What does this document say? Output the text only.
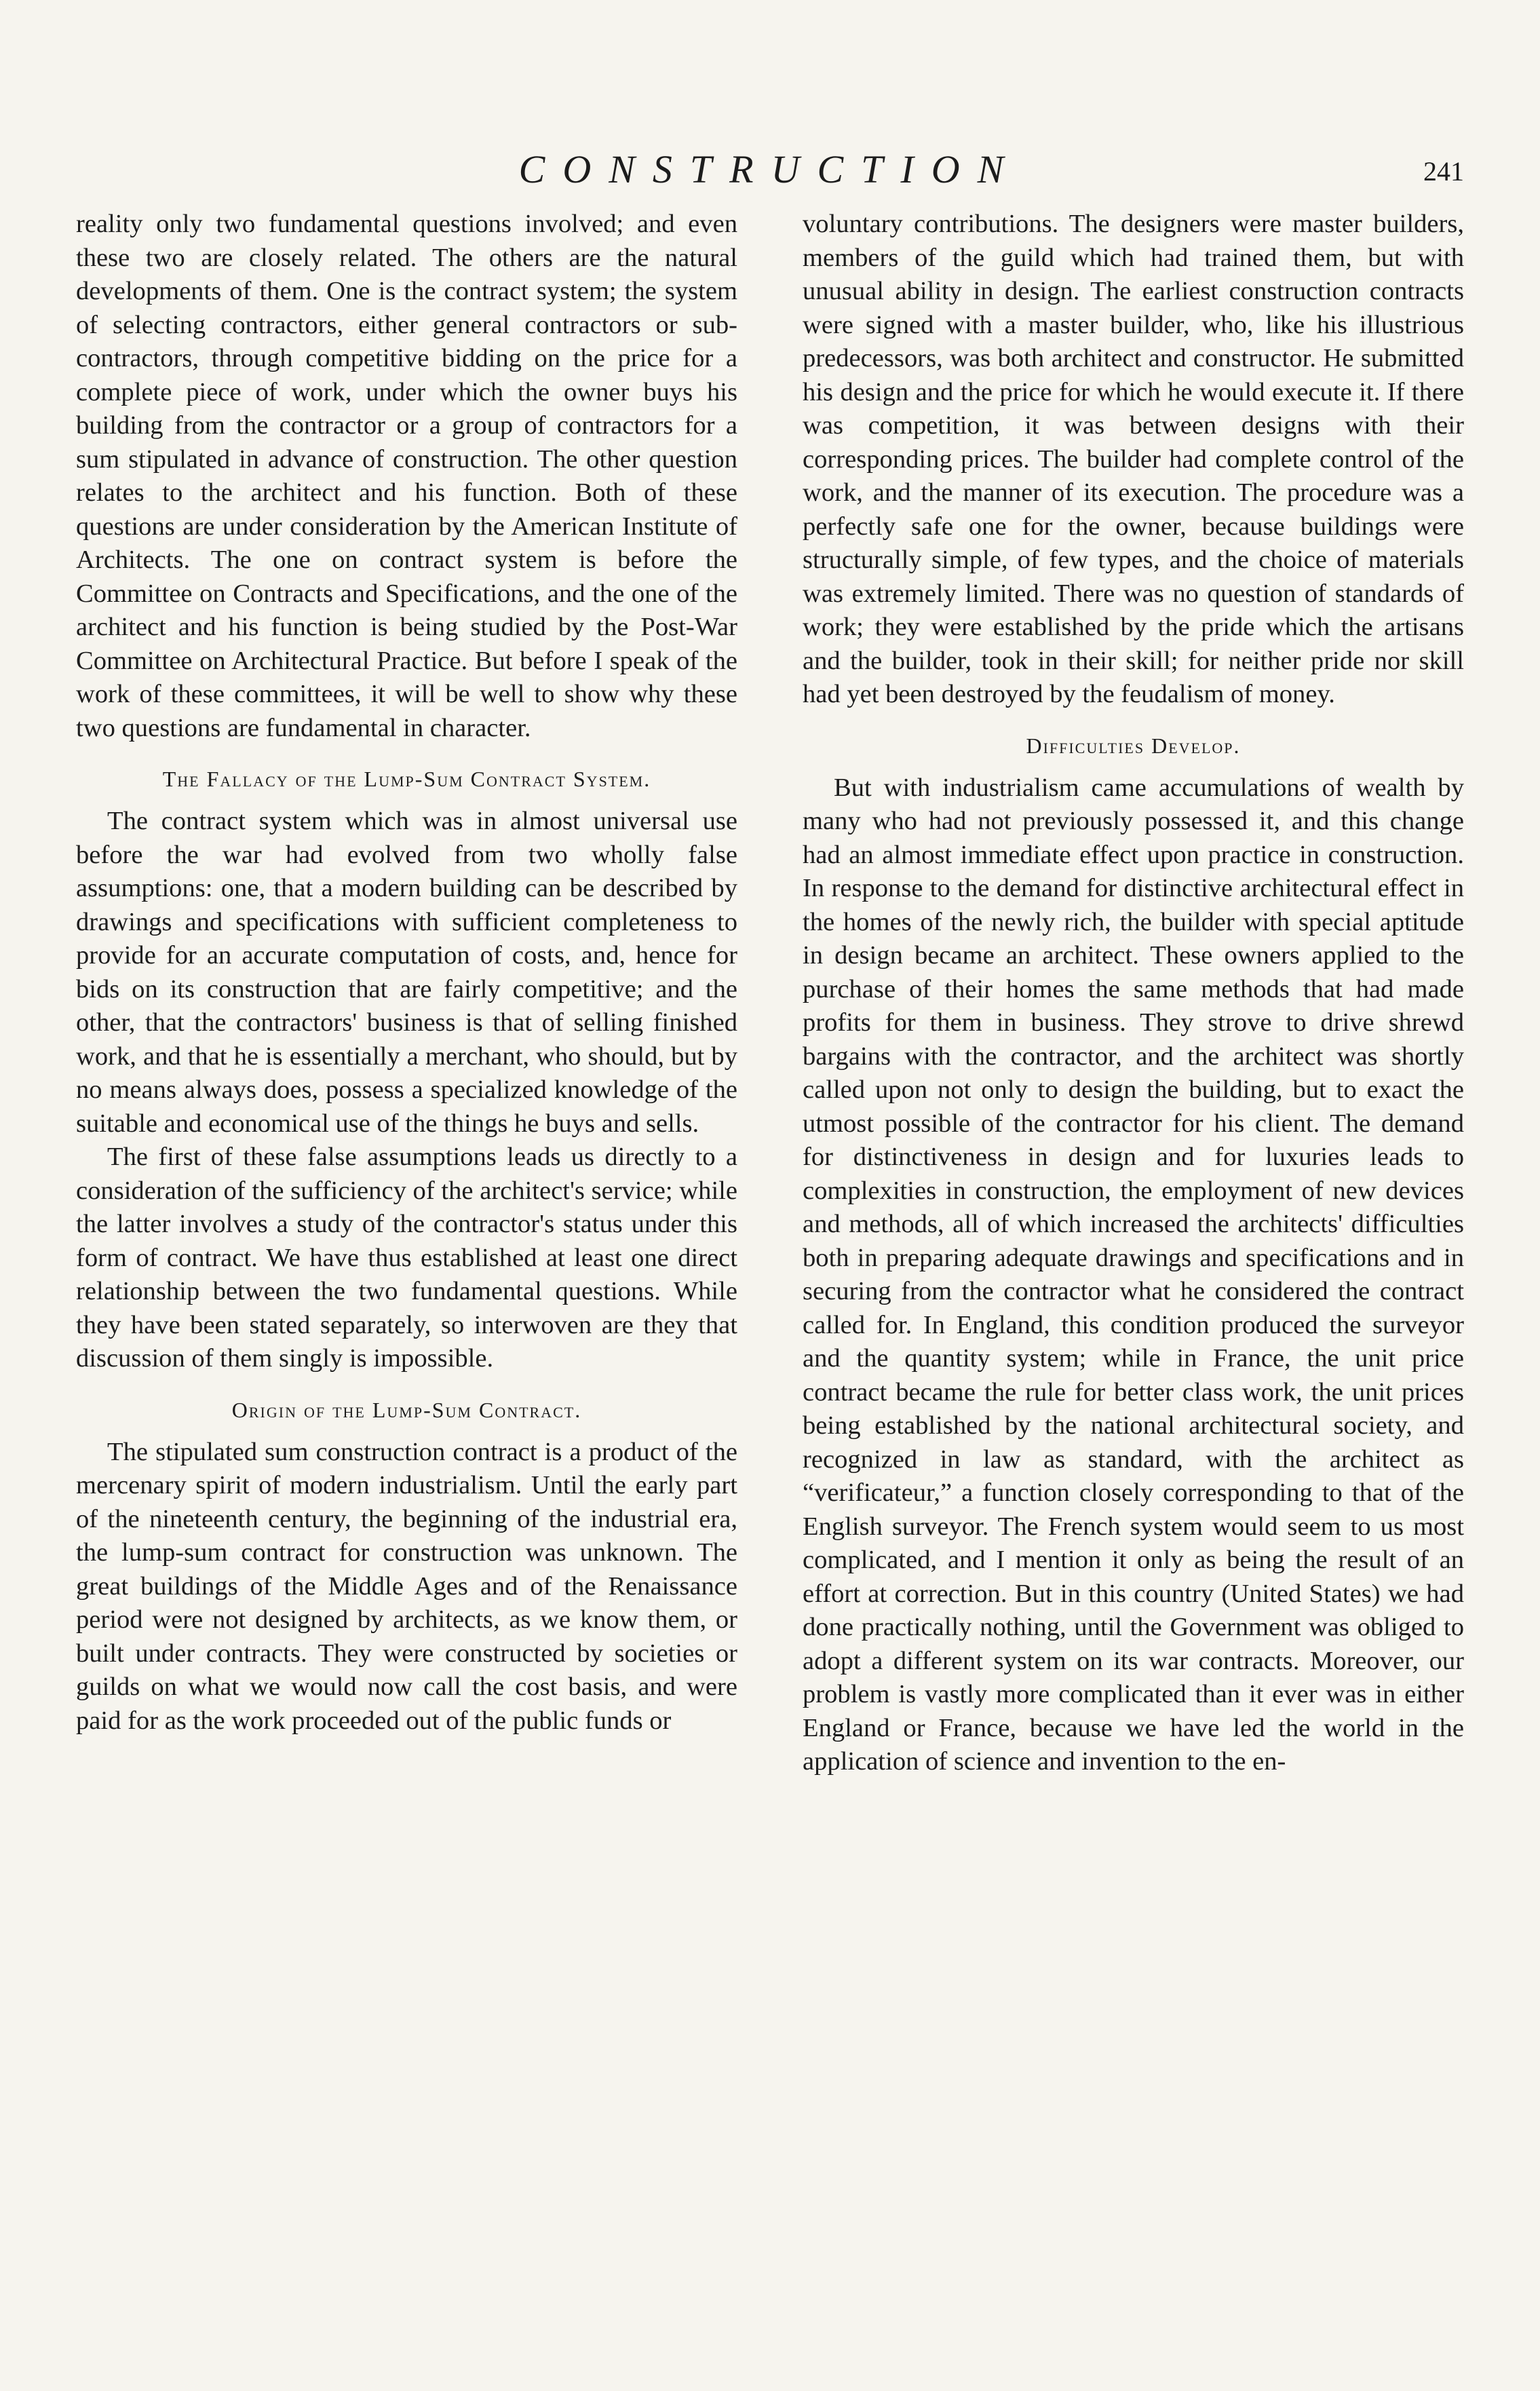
CONSTRUCTION	241

reality only two fundamental questions involved; and even these two are closely related. The others are the natural developments of them. One is the contract system; the system of selecting contractors, either general contractors or sub-contractors, through competitive bidding on the price for a complete piece of work, under which the owner buys his building from the contractor or a group of contractors for a sum stipulated in advance of construction. The other question relates to the architect and his function. Both of these questions are under consideration by the American Institute of Architects. The one on contract system is before the Committee on Contracts and Specifications, and the one of the architect and his function is being studied by the Post-War Committee on Architectural Practice. But before I speak of the work of these committees, it will be well to show why these two questions are fundamental in character.

The Fallacy of the Lump-Sum Contract System.

The contract system which was in almost universal use before the war had evolved from two wholly false assumptions: one, that a modern building can be described by drawings and specifications with sufficient completeness to provide for an accurate computation of costs, and, hence for bids on its construction that are fairly competitive; and the other, that the contractors' business is that of selling finished work, and that he is essentially a merchant, who should, but by no means always does, possess a specialized knowledge of the suitable and economical use of the things he buys and sells.

The first of these false assumptions leads us directly to a consideration of the sufficiency of the architect's service; while the latter involves a study of the contractor's status under this form of contract. We have thus established at least one direct relationship between the two fundamental questions. While they have been stated separately, so interwoven are they that discussion of them singly is impossible.

Origin of the Lump-Sum Contract.

The stipulated sum construction contract is a product of the mercenary spirit of modern industrialism. Until the early part of the nineteenth century, the beginning of the industrial era, the lump-sum contract for construction was unknown. The great buildings of the Middle Ages and of the Renaissance period were not designed by architects, as we know them, or built under contracts. They were constructed by societies or guilds on what we would now call the cost basis, and were paid for as the work proceeded out of the public funds or

voluntary contributions. The designers were master builders, members of the guild which had trained them, but with unusual ability in design. The earliest construction contracts were signed with a master builder, who, like his illustrious predecessors, was both architect and constructor. He submitted his design and the price for which he would execute it. If there was competition, it was between designs with their corresponding prices. The builder had complete control of the work, and the manner of its execution. The procedure was a perfectly safe one for the owner, because buildings were structurally simple, of few types, and the choice of materials was extremely limited. There was no question of standards of work; they were established by the pride which the artisans and the builder, took in their skill; for neither pride nor skill had yet been destroyed by the feudalism of money.

Difficulties Develop.

But with industrialism came accumulations of wealth by many who had not previously possessed it, and this change had an almost immediate effect upon practice in construction. In response to the demand for distinctive architectural effect in the homes of the newly rich, the builder with special aptitude in design became an architect. These owners applied to the purchase of their homes the same methods that had made profits for them in business. They strove to drive shrewd bargains with the contractor, and the architect was shortly called upon not only to design the building, but to exact the utmost possible of the contractor for his client. The demand for distinctiveness in design and for luxuries leads to complexities in construction, the employment of new devices and methods, all of which increased the architects' difficulties both in preparing adequate drawings and specifications and in securing from the contractor what he considered the contract called for. In England, this condition produced the surveyor and the quantity system; while in France, the unit price contract became the rule for better class work, the unit prices being established by the national architectural society, and recognized in law as standard, with the architect as “verificateur,” a function closely corresponding to that of the English surveyor. The French system would seem to us most complicated, and I mention it only as being the result of an effort at correction. But in this country (United States) we had done practically nothing, until the Government was obliged to adopt a different system on its war contracts. Moreover, our problem is vastly more complicated than it ever was in either England or France, because we have led the world in the application of science and invention to the en-
